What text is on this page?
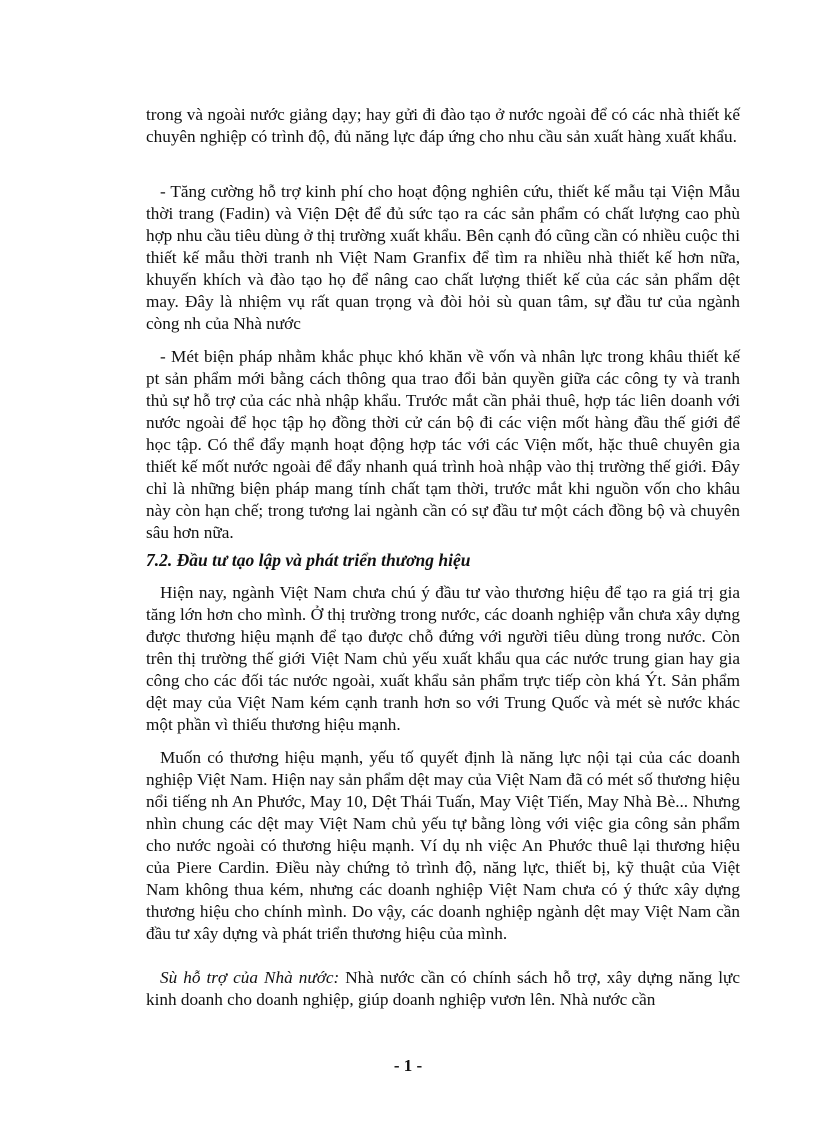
trong và ngoài nước giảng dạy; hay gửi đi đào tạo ở nước ngoài để có các nhà thiết kế chuyên nghiệp có trình độ, đủ năng lực đáp ứng cho nhu cầu sản xuất hàng xuất khẩu.

- Tăng cường hỗ trợ kinh phí cho hoạt động nghiên cứu, thiết kế mẫu tại Viện Mẫu thời trang (Fadin) và Viện Dệt để đủ sức tạo ra các sản phẩm có chất lượng cao phù hợp nhu cầu tiêu dùng ở thị trường xuất khẩu. Bên cạnh đó cũng cần có nhiều cuộc thi thiết kế mẫu thời tranh nh Việt Nam Granfix để tìm ra nhiều nhà thiết kế hơn nữa, khuyến khích và đào tạo họ để nâng cao chất lượng thiết kế của các sản phẩm dệt may. Đây là nhiệm vụ rất quan trọng và đòi hỏi sù quan tâm, sự đầu tư của ngành còng nh của Nhà nước

- Mét biện pháp nhằm khắc phục khó khăn về vốn và nhân lực trong khâu thiết kế pt sản phẩm mới bằng cách thông qua trao đổi bản quyền giữa các công ty và tranh thủ sự hỗ trợ của các nhà nhập khẩu. Trước mắt cần phải thuê, hợp tác liên doanh với nước ngoài để học tập họ đồng thời cử cán bộ đi các viện mốt hàng đầu thế giới để học tập. Có thể đẩy mạnh hoạt động hợp tác với các Viện mốt, hặc thuê chuyên gia thiết kế mốt nước ngoài để đẩy nhanh quá trình hoà nhập vào thị trường thế giới. Đây chỉ là những biện pháp mang tính chất tạm thời, trước mắt khi nguồn vốn cho khâu này còn hạn chế; trong tương lai ngành cần có sự đầu tư một cách đồng bộ và chuyên sâu hơn nữa.

7.2. Đầu tư tạo lập và phát triển thương hiệu

Hiện nay, ngành Việt Nam chưa chú ý đầu tư vào thương hiệu để tạo ra giá trị gia tăng lớn hơn cho mình. Ở thị trường trong nước, các doanh nghiệp vẫn chưa xây dựng được thương hiệu mạnh để tạo được chỗ đứng với người tiêu dùng trong nước. Còn trên thị trường thế giới Việt Nam chủ yếu xuất khẩu qua các nước trung gian hay gia công cho các đối tác nước ngoài, xuất khẩu sản phẩm trực tiếp còn khá Ýt. Sản phẩm dệt may của Việt Nam kém cạnh tranh hơn so với Trung Quốc và mét sè nước khác một phần vì thiếu thương hiệu mạnh.

Muốn có thương hiệu mạnh, yếu tố quyết định là năng lực nội tại của các doanh nghiệp Việt Nam. Hiện nay sản phẩm dệt may của Việt Nam đã có mét số thương hiệu nổi tiếng nh An Phước, May 10, Dệt Thái Tuấn, May Việt Tiến, May Nhà Bè... Nhưng nhìn chung các dệt may Việt Nam chủ yếu tự bằng lòng với việc gia công sản phẩm cho nước ngoài có thương hiệu mạnh. Ví dụ nh việc An Phước thuê lại thương hiệu của Piere Cardin. Điều này chứng tỏ trình độ, năng lực, thiết bị, kỹ thuật của Việt Nam không thua kém, nhưng các doanh nghiệp Việt Nam chưa có ý thức xây dựng thương hiệu cho chính mình. Do vậy, các doanh nghiệp ngành dệt may Việt Nam cần đầu tư xây dựng và phát triển thương hiệu của mình.

Sù hỗ trợ của Nhà nước: Nhà nước cần có chính sách hỗ trợ, xây dựng năng lực kinh doanh cho doanh nghiệp, giúp doanh nghiệp vươn lên. Nhà nước cần

- 1 -
